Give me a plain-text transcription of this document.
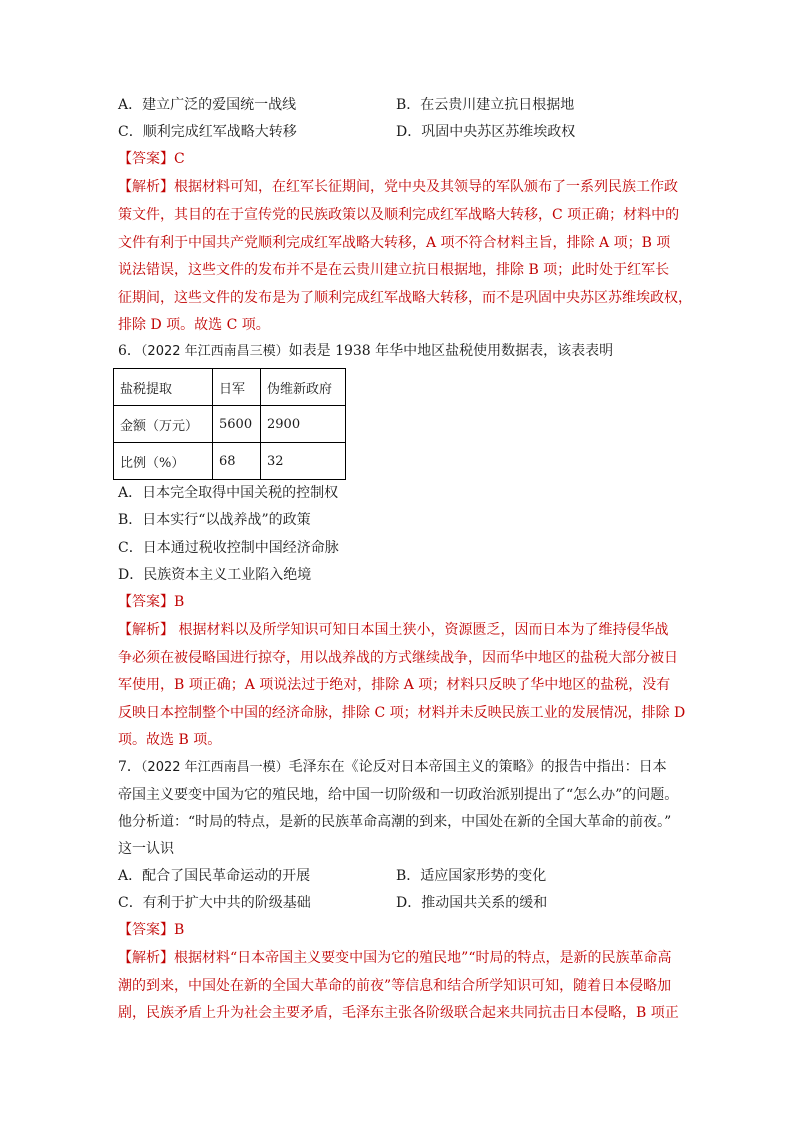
A．建立广泛的爱国统一战线	B．在云贵川建立抗日根据地
C．顺利完成红军战略大转移	D．巩固中央苏区苏维埃政权
【答案】C
【解析】根据材料可知，在红军长征期间，党中央及其领导的军队颁布了一系列民族工作政
策文件，其目的在于宣传党的民族政策以及顺利完成红军战略大转移，C 项正确；材料中的
文件有利于中国共产党顺利完成红军战略大转移，A 项不符合材料主旨，排除 A 项；B 项
说法错误，这些文件的发布并不是在云贵川建立抗日根据地，排除 B 项；此时处于红军长
征期间，这些文件的发布是为了顺利完成红军战略大转移，而不是巩固中央苏区苏维埃政权，
排除 D 项。故选 C 项。
6．（2022 年江西南昌三模）如表是 1938 年华中地区盐税使用数据表，该表表明
盐税提取	日军	伪维新政府
金额（万元）	5600	2900
比例（%）	68	32
A．日本完全取得中国关税的控制权
B．日本实行“以战养战”的政策
C．日本通过税收控制中国经济命脉
D．民族资本主义工业陷入绝境
【答案】B
【解析】 根据材料以及所学知识可知日本国土狭小，资源匮乏，因而日本为了维持侵华战
争必须在被侵略国进行掠夺，用以战养战的方式继续战争，因而华中地区的盐税大部分被日
军使用，B 项正确；A 项说法过于绝对，排除 A 项；材料只反映了华中地区的盐税，没有
反映日本控制整个中国的经济命脉，排除 C 项；材料并未反映民族工业的发展情况，排除 D
项。故选 B 项。
7．（2022 年江西南昌一模）毛泽东在《论反对日本帝国主义的策略》的报告中指出：日本
帝国主义要变中国为它的殖民地，给中国一切阶级和一切政治派别提出了“怎么办”的问题。
他分析道：“时局的特点，是新的民族革命高潮的到来，中国处在新的全国大革命的前夜。”
这一认识
A．配合了国民革命运动的开展	B．适应国家形势的变化
C．有利于扩大中共的阶级基础	D．推动国共关系的缓和
【答案】B
【解析】根据材料“日本帝国主义要变中国为它的殖民地”“时局的特点，是新的民族革命高
潮的到来，中国处在新的全国大革命的前夜”等信息和结合所学知识可知，随着日本侵略加
剧，民族矛盾上升为社会主要矛盾，毛泽东主张各阶级联合起来共同抗击日本侵略，B 项正
